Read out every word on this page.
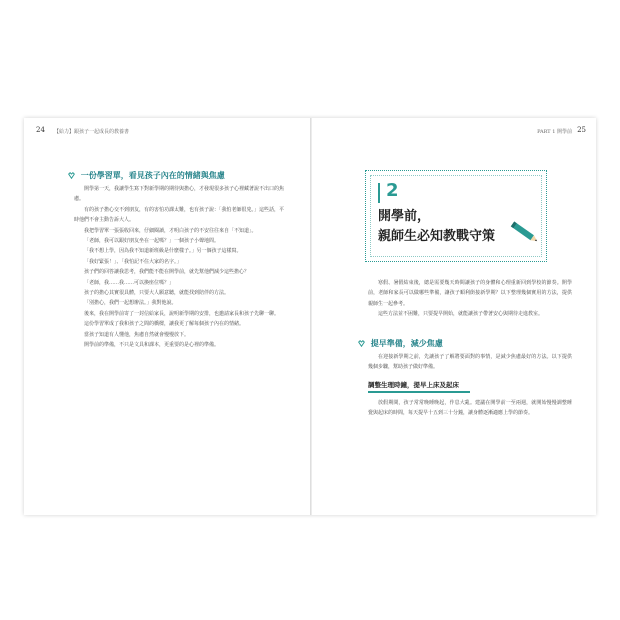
24 【給力】跟孩子一起成長的教養書
一份學習單，看見孩子內在的情緒與焦慮

開學第一天，我讓學生寫下對新學期的期待與擔心，才發現很多孩子心裡藏著說不出口的焦慮。

有的孩子擔心交不到朋友，有的害怕功課太難，也有孩子說：「我怕老師很兇。」這些話，平時他們不會主動告訴大人。

我把學習單一張張收回來，仔細閱讀，才明白孩子的不安往往來自「不知道」。

「老師，我可以跟好朋友坐在一起嗎？」一個孩子小聲地問。

「我不想上學，因為我不知道新班級是什麼樣子。」另一個孩子這樣寫。

「我好緊張！」、「我怕記不住大家的名字。」

孩子們的回答讓我思考，我們能不能在開學前，就先幫他們減少這些擔心？

「老師，我……我……可以換座位嗎？」

孩子的擔心其實很具體，只要大人願意聽，就能找到陪伴的方法。

「別擔心，我們一起想辦法。」我對他說。

後來，我在開學前寄了一封信給家長，說明新學期的安排，也邀請家長和孩子先聊一聊。

這份學習單成了我和孩子之間的橋樑，讓我更了解每個孩子內在的情緒。

當孩子知道有人懂他，焦慮自然就會慢慢放下。

開學前的準備，不只是文具和課本，更重要的是心裡的準備。

PART 1 開學前 25
2
開學前，
親師生必知教戰守策

寒假、暑假結束後，總是需要幾天時間讓孩子的身體和心理重新回到學校的節奏。開學前，老師和家長可以做哪些準備，讓孩子順利銜接新學期？以下整理幾個實用的方法，提供親師生一起參考。

這些方法並不困難，只要提早開始，就能讓孩子帶著安心與期待走進教室。

提早準備，減少焦慮

在迎接新學期之前，先讓孩子了解將要面對的事情，是減少焦慮最好的方法。以下提供幾個步驟，幫助孩子做好準備。

調整生理時鐘，提早上床及起床

放假期間，孩子常常晚睡晚起，作息大亂。建議在開學前一至兩週，就開始慢慢調整睡覺與起床的時間，每天提早十五到三十分鐘，讓身體逐漸適應上學的節奏。
